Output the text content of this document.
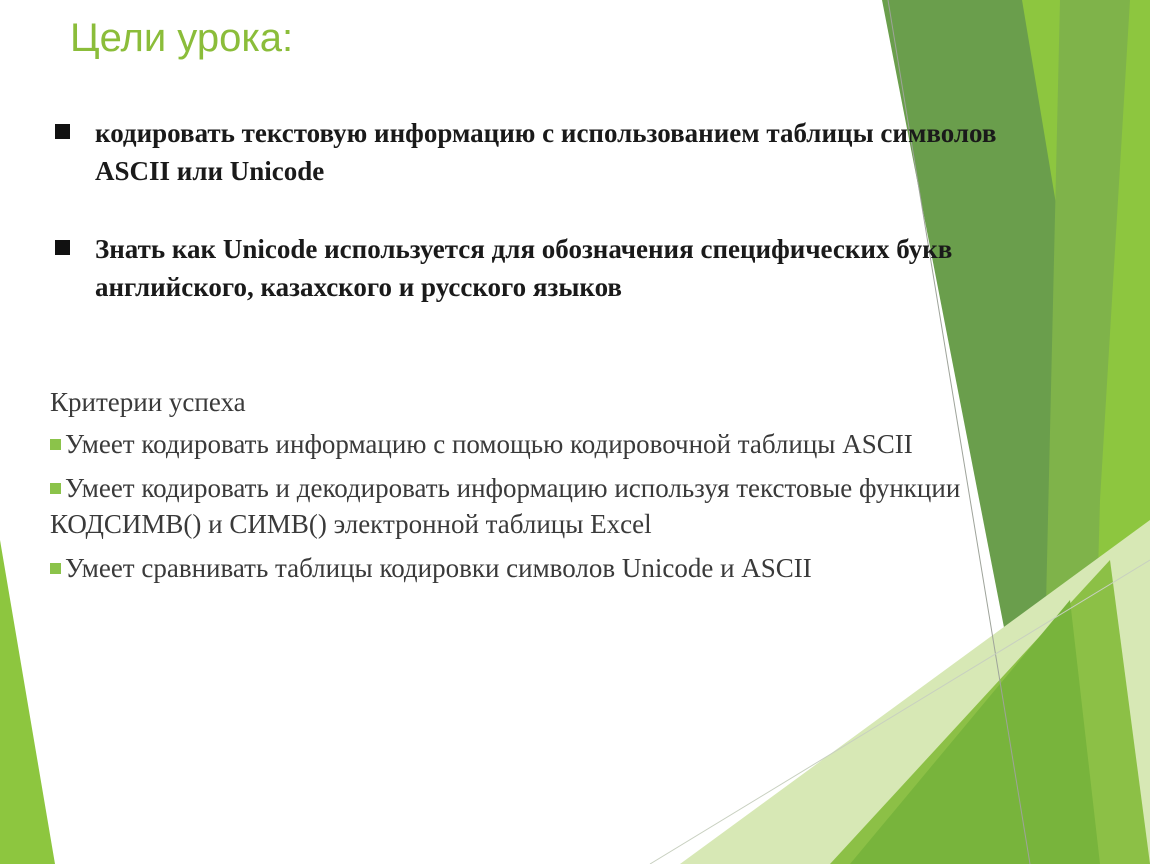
Цели урока:
кодировать текстовую информацию с использованием таблицы символов ASCII или Unicode
Знать как Unicode используется для обозначения специфических букв английского, казахского и русского языков
Критерии успеха
Умеет кодировать информацию с помощью кодировочной таблицы ASCII
Умеет кодировать и декодировать информацию используя текстовые функции КОДСИМВ() и СИМВ() электронной таблицы Excel
Умеет сравнивать таблицы кодировки символов Unicode и ASCII
